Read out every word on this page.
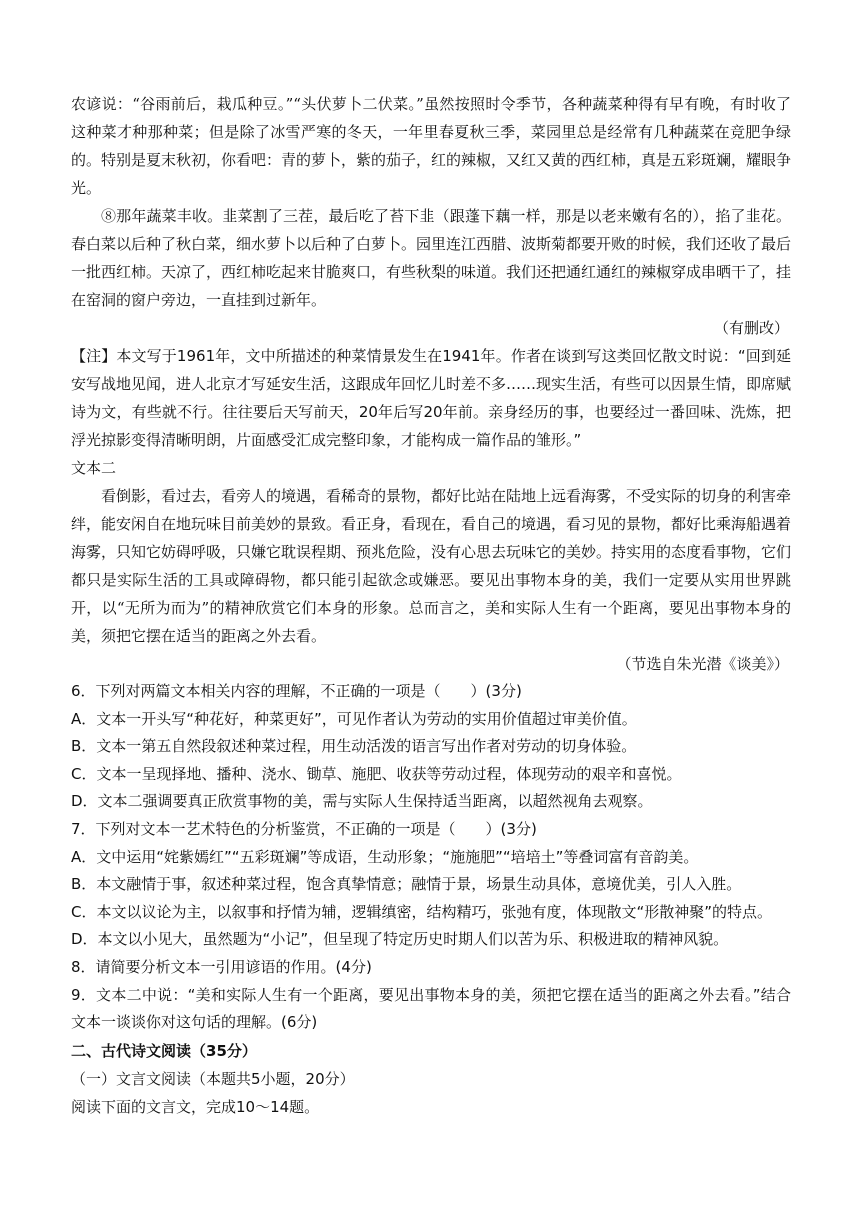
农谚说：“谷雨前后，栽瓜种豆。”“头伏萝卜二伏菜。”虽然按照时令季节，各种蔬菜种得有早有晚，有时收了这种菜才种那种菜；但是除了冰雪严寒的冬天，一年里春夏秋三季，菜园里总是经常有几种蔬菜在竞肥争绿的。特别是夏末秋初，你看吧：青的萝卜，紫的茄子，红的辣椒，又红又黄的西红柿，真是五彩斑斓，耀眼争光。

⑧那年蔬菜丰收。韭菜割了三茬，最后吃了苔下韭（跟蓬下藕一样，那是以老来嫩有名的），掐了韭花。春白菜以后种了秋白菜，细水萝卜以后种了白萝卜。园里连江西腊、波斯菊都要开败的时候，我们还收了最后一批西红柿。天凉了，西红柿吃起来甘脆爽口，有些秋梨的味道。我们还把通红通红的辣椒穿成串晒干了，挂在窑洞的窗户旁边，一直挂到过新年。

（有删改）

【注】本文写于1961年，文中所描述的种菜情景发生在1941年。作者在谈到写这类回忆散文时说：“回到延安写战地见闻，进人北京才写延安生活，这跟成年回忆儿时差不多……现实生活，有些可以因景生情，即席赋诗为文，有些就不行。往往要后天写前天，20年后写20年前。亲身经历的事，也要经过一番回味、洗炼，把浮光掠影变得清晰明朗，片面感受汇成完整印象，才能构成一篇作品的雏形。”

文本二

看倒影，看过去，看旁人的境遇，看稀奇的景物，都好比站在陆地上远看海雾，不受实际的切身的利害牵绊，能安闲自在地玩味目前美妙的景致。看正身，看现在，看自己的境遇，看习见的景物，都好比乘海船遇着海雾，只知它妨碍呼吸，只嫌它耽误程期、预兆危险，没有心思去玩味它的美妙。持实用的态度看事物，它们都只是实际生活的工具或障碍物，都只能引起欲念或嫌恶。要见出事物本身的美，我们一定要从实用世界跳开，以“无所为而为”的精神欣赏它们本身的形象。总而言之，美和实际人生有一个距离，要见出事物本身的美，须把它摆在适当的距离之外去看。

（节选自朱光潜《谈美》）

6．下列对两篇文本相关内容的理解，不正确的一项是（　　）(3分)

A．文本一开头写“种花好，种菜更好”，可见作者认为劳动的实用价值超过审美价值。

B．文本一第五自然段叙述种菜过程，用生动活泼的语言写出作者对劳动的切身体验。

C．文本一呈现择地、播种、浇水、锄草、施肥、收获等劳动过程，体现劳动的艰辛和喜悦。

D．文本二强调要真正欣赏事物的美，需与实际人生保持适当距离，以超然视角去观察。

7．下列对文本一艺术特色的分析鉴赏，不正确的一项是（　　）(3分)

A．文中运用“姹紫嫣红”“五彩斑斓”等成语，生动形象；“施施肥”“培培土”等叠词富有音韵美。

B．本文融情于事，叙述种菜过程，饱含真挚情意；融情于景，场景生动具体，意境优美，引人入胜。

C．本文以议论为主，以叙事和抒情为辅，逻辑缜密，结构精巧，张弛有度，体现散文“形散神聚”的特点。

D．本文以小见大，虽然题为“小记”，但呈现了特定历史时期人们以苦为乐、积极进取的精神风貌。

8．请简要分析文本一引用谚语的作用。(4分)

9．文本二中说：“美和实际人生有一个距离，要见出事物本身的美，须把它摆在适当的距离之外去看。”结合文本一谈谈你对这句话的理解。(6分)

二、古代诗文阅读（35分）

（一）文言文阅读（本题共5小题，20分）

阅读下面的文言文，完成10～14题。
